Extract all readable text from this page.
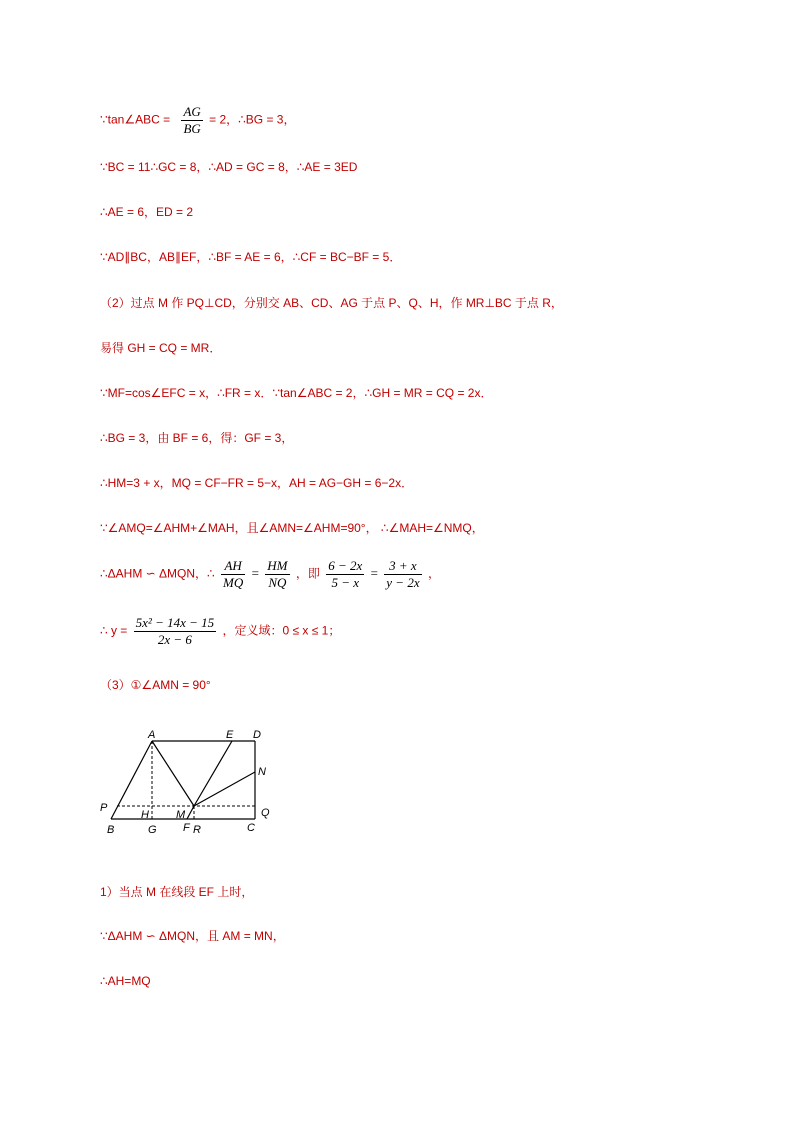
∵tan∠ABC = $\frac{AG}{BG} = 2$，∴BG = 3，
∵BC = 11∴GC = 8，∴AD = GC = 8，∴AE = 3ED
∴AE = 6，ED = 2
∵AD∥BC，AB∥EF，∴BF = AE = 6，∴CF = BC−BF = 5．
（2）过点 M 作 PQ⊥CD，分别交 AB、CD、AG 于点 P、Q、H，作 MR⊥BC 于点 R，
易得 GH = CQ = MR．
∵MF=cos∠EFC = x，∴FR = x．∵tan∠ABC = 2，∴GH = MR = CQ = 2x．
∴BG = 3，由 BF = 6，得：GF = 3，
∴HM=3 + x，MQ = CF−FR = 5−x，AH = AG−GH = 6−2x．
∵∠AMQ=∠AHM+∠MAH，且∠AMN=∠AHM=90°， ∴∠MAH=∠NMQ，
∴ΔAHM ∽ ΔMQN，∴ $\frac{AH}{MQ} = \frac{HM}{NQ}$ ，即 $\frac{6 - 2x}{5 - x} = \frac{3 + x}{y - 2x}$ ，
∴ $y = \frac{\text{5x² − 14x − 15}}{2x - 6}$ ，定义域：0 ≤ x ≤ 1；
（3）①∠AMN = 90°
A	E D
N
P	Q
H M
B	G F R	C
1）当点 M 在线段 EF 上时，
∵ΔAHM ∽ ΔMQN，且 AM = MN，
∴AH=MQ
